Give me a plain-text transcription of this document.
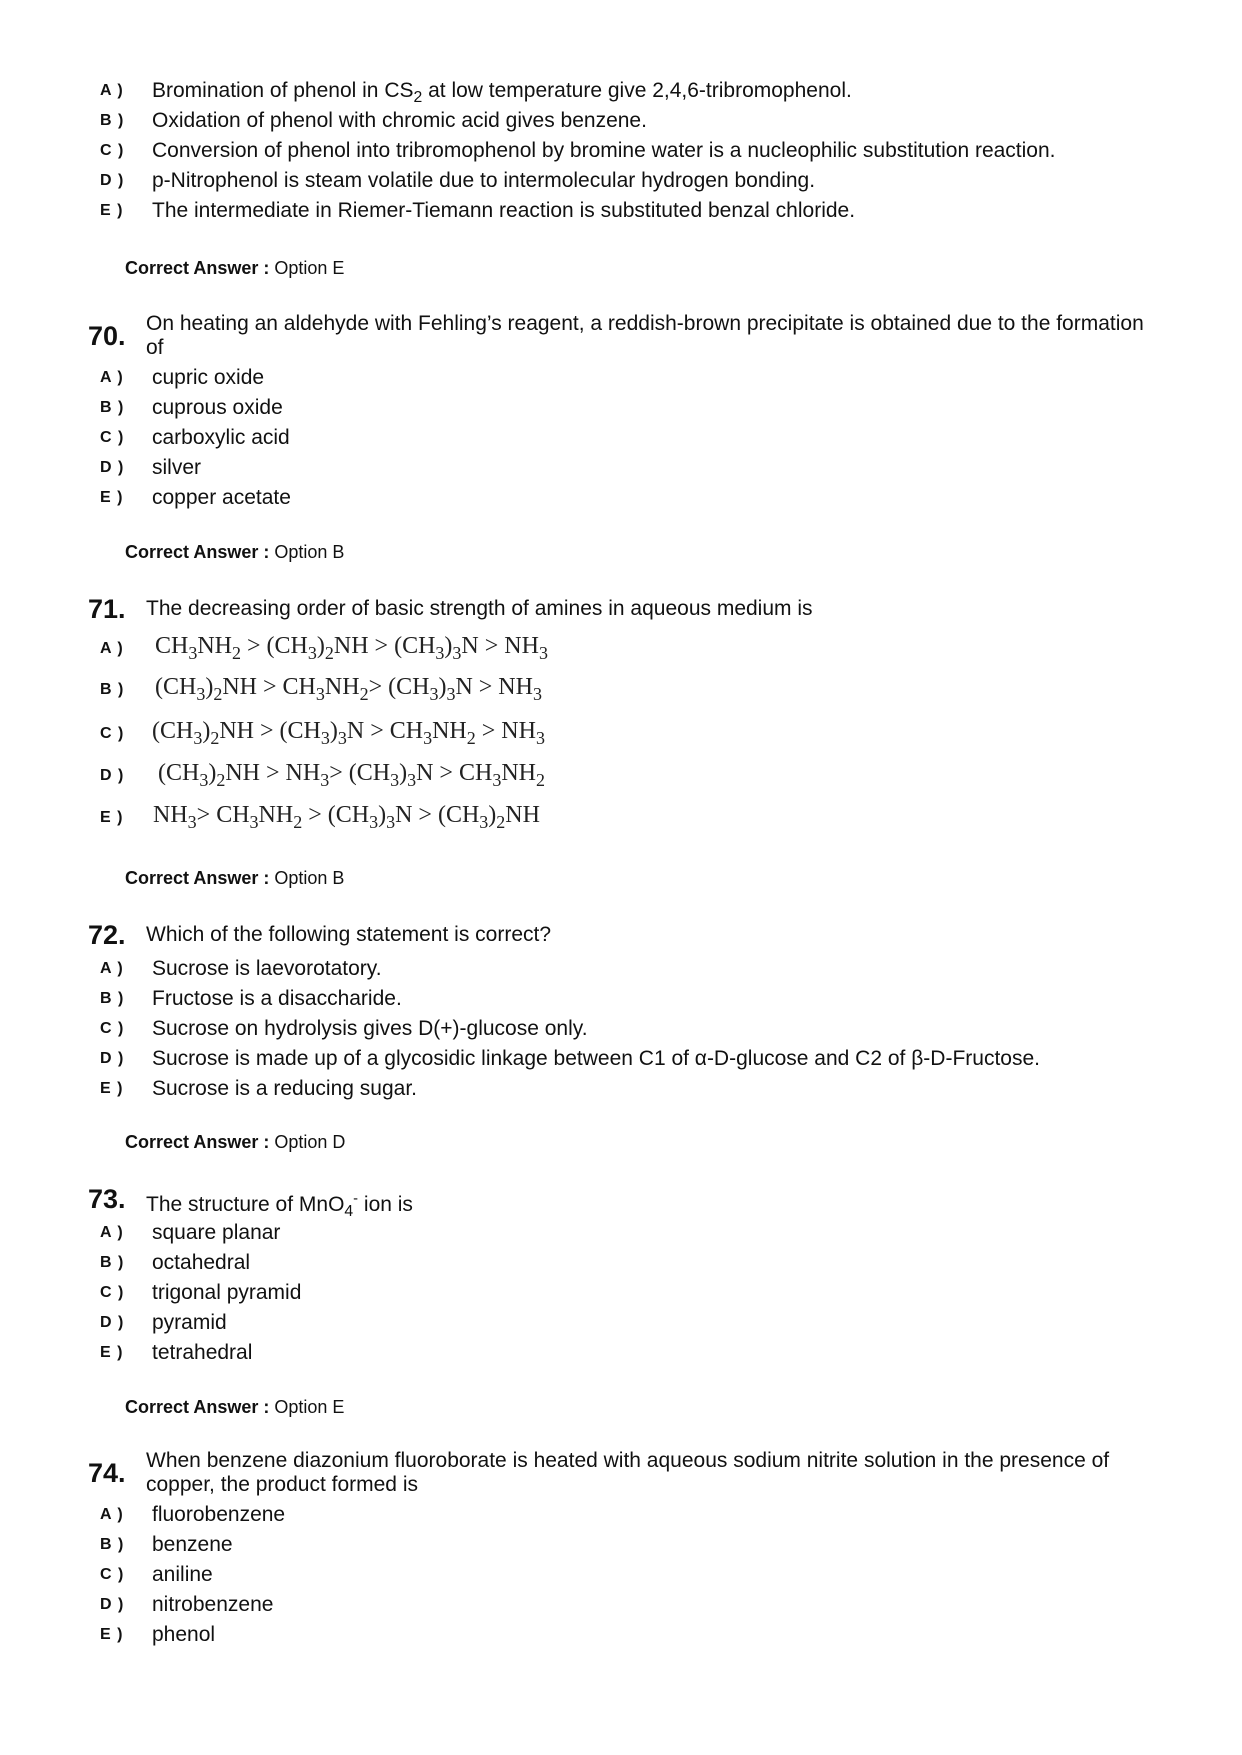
A ) Bromination of phenol in $CS_2$ at low temperature give 2,4,6-tribromophenol.
B ) Oxidation of phenol with chromic acid gives benzene.
C ) Conversion of phenol into tribromophenol by bromine water is a nucleophilic substitution reaction.
D ) p-Nitrophenol is steam volatile due to intermolecular hydrogen bonding.
E ) The intermediate in Riemer-Tiemann reaction is substituted benzal chloride.
Correct Answer : Option E
70. On heating an aldehyde with Fehling’s reagent, a reddish-brown precipitate is obtained due to the formation
of
A ) cupric oxide
B ) cuprous oxide
C ) carboxylic acid
D ) silver
E ) copper acetate
Correct Answer : Option B
71. The decreasing order of basic strength of amines in aqueous medium is
A ) $CH_3NH_2 > (CH_3)_2NH > (CH_3)_3N > NH_3$
B ) $(CH_3)_2NH > CH_3NH_2> (CH_3)_3N > NH_3$
C ) $(CH_3)_2NH > (CH_3)_3N > CH_3NH_2 > NH_3$
D ) $(CH_3)_2NH > NH_3> (CH_3)_3N > CH_3NH_2$
E ) $NH_3> CH_3NH_2 > (CH_3)_3N > (CH_3)_2NH$
Correct Answer : Option B
72. Which of the following statement is correct?
A ) Sucrose is laevorotatory.
B ) Fructose is a disaccharide.
C ) Sucrose on hydrolysis gives D(+)-glucose only.
D ) Sucrose is made up of a glycosidic linkage between C1 of α-D-glucose and C2 of β-D-Fructose.
E ) Sucrose is a reducing sugar.
Correct Answer : Option D
73. The structure of MnO$_4$- ion is
A ) square planar
B ) octahedral
C ) trigonal pyramid
D ) pyramid
E ) tetrahedral
Correct Answer : Option E
74. When benzene diazonium fluoroborate is heated with aqueous sodium nitrite solution in the presence of
copper, the product formed is
A ) fluorobenzene
B ) benzene
C ) aniline
D ) nitrobenzene
E ) phenol
